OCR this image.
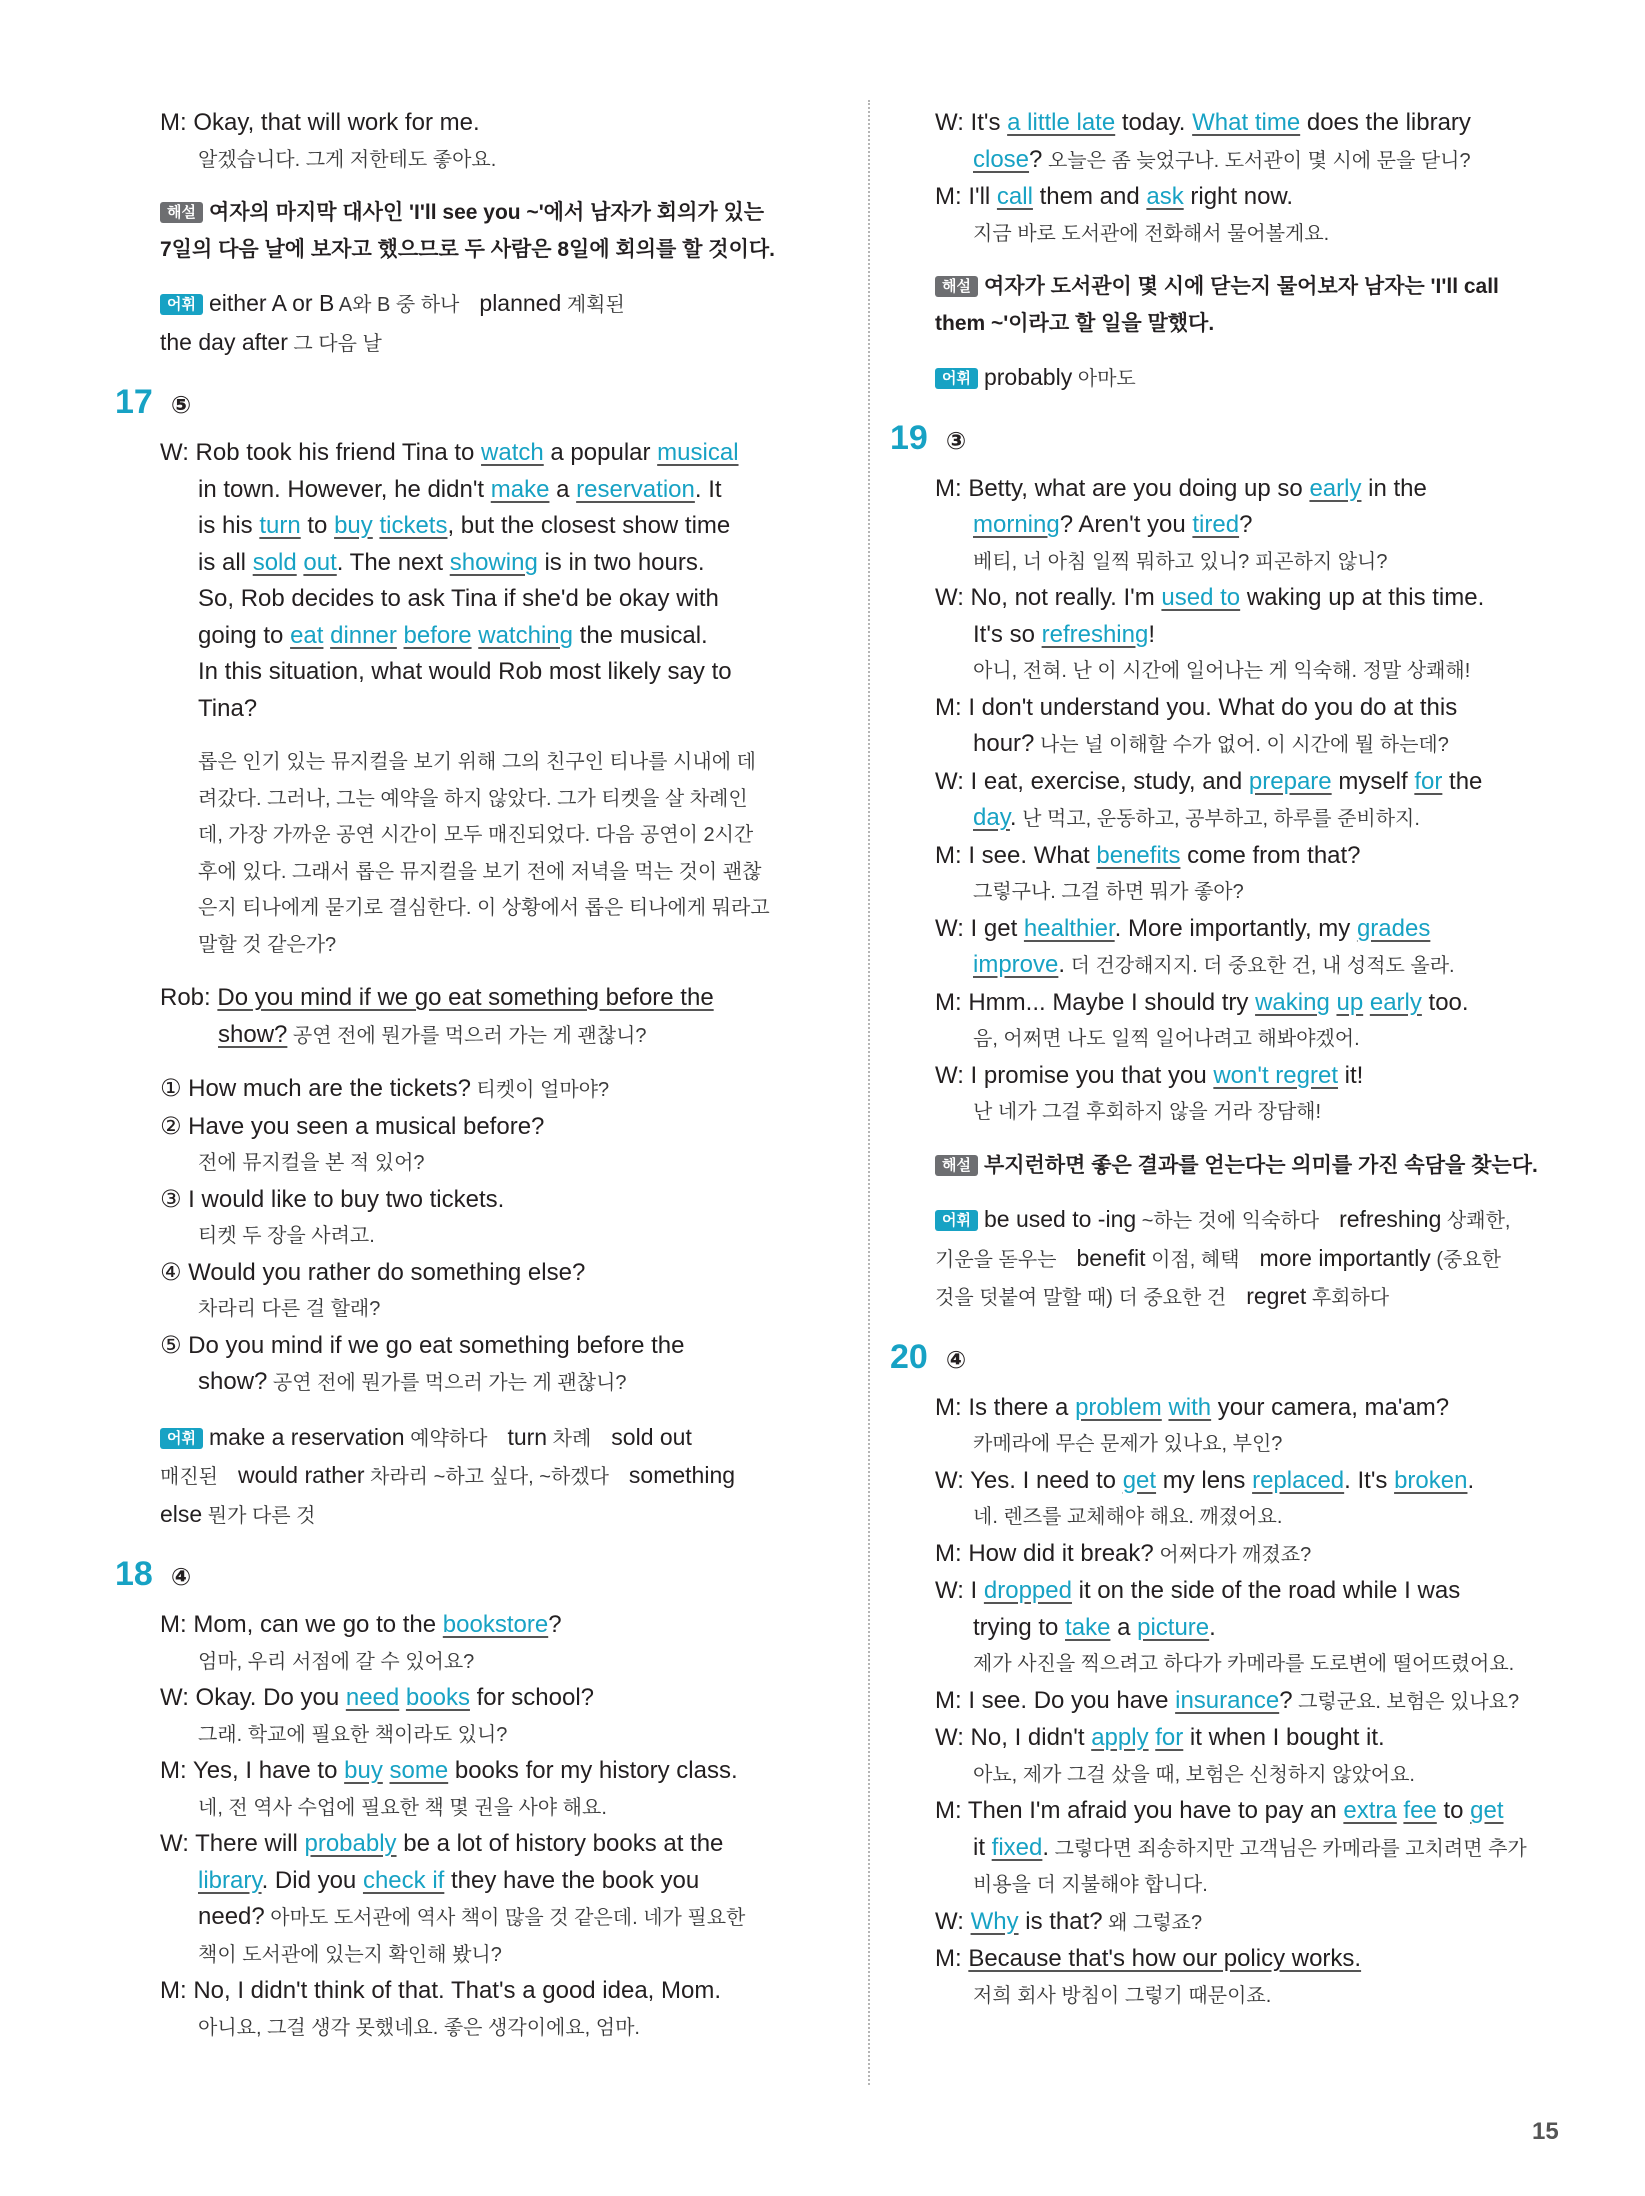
M: Okay, that will work for me.
알겠습니다. 그게 저한테도 좋아요.
해설 여자의 마지막 대사인 'I'll see you ~'에서 남자가 회의가 있는
7일의 다음 날에 보자고 했으므로 두 사람은 8일에 회의를 할 것이다.
어휘 either A or B A와 B 중 하나 planned 계획된
the day after 그 다음 날
17 ⑤
W: Rob took his friend Tina to watch a popular musical
in town. However, he didn't make a reservation. It
is his turn to buy tickets, but the closest show time
is all sold out. The next showing is in two hours.
So, Rob decides to ask Tina if she'd be okay with
going to eat dinner before watching the musical.
In this situation, what would Rob most likely say to
Tina?
롭은 인기 있는 뮤지컬을 보기 위해 그의 친구인 티나를 시내에 데
려갔다. 그러나, 그는 예약을 하지 않았다. 그가 티켓을 살 차례인
데, 가장 가까운 공연 시간이 모두 매진되었다. 다음 공연이 2시간
후에 있다. 그래서 롭은 뮤지컬을 보기 전에 저녁을 먹는 것이 괜찮
은지 티나에게 묻기로 결심한다. 이 상황에서 롭은 티나에게 뭐라고
말할 것 같은가?
Rob: Do you mind if we go eat something before the
show? 공연 전에 뭔가를 먹으러 가는 게 괜찮니?
① How much are the tickets? 티켓이 얼마야?
② Have you seen a musical before?
전에 뮤지컬을 본 적 있어?
③ I would like to buy two tickets.
티켓 두 장을 사려고.
④ Would you rather do something else?
차라리 다른 걸 할래?
⑤ Do you mind if we go eat something before the
show? 공연 전에 뭔가를 먹으러 가는 게 괜찮니?
어휘 make a reservation 예약하다 turn 차례 sold out
매진된 would rather 차라리 ~하고 싶다, ~하겠다 something
else 뭔가 다른 것
18 ④
M: Mom, can we go to the bookstore?
엄마, 우리 서점에 갈 수 있어요?
W: Okay. Do you need books for school?
그래. 학교에 필요한 책이라도 있니?
M: Yes, I have to buy some books for my history class.
네, 전 역사 수업에 필요한 책 몇 권을 사야 해요.
W: There will probably be a lot of history books at the
library. Did you check if they have the book you
need? 아마도 도서관에 역사 책이 많을 것 같은데. 네가 필요한
책이 도서관에 있는지 확인해 봤니?
M: No, I didn't think of that. That's a good idea, Mom.
아니요, 그걸 생각 못했네요. 좋은 생각이에요, 엄마.
W: It's a little late today. What time does the library
close? 오늘은 좀 늦었구나. 도서관이 몇 시에 문을 닫니?
M: I'll call them and ask right now.
지금 바로 도서관에 전화해서 물어볼게요.
해설 여자가 도서관이 몇 시에 닫는지 물어보자 남자는 'I'll call
them ~'이라고 할 일을 말했다.
어휘 probably 아마도
19 ③
M: Betty, what are you doing up so early in the
morning? Aren't you tired?
베티, 너 아침 일찍 뭐하고 있니? 피곤하지 않니?
W: No, not really. I'm used to waking up at this time.
It's so refreshing!
아니, 전혀. 난 이 시간에 일어나는 게 익숙해. 정말 상쾌해!
M: I don't understand you. What do you do at this
hour? 나는 널 이해할 수가 없어. 이 시간에 뭘 하는데?
W: I eat, exercise, study, and prepare myself for the
day. 난 먹고, 운동하고, 공부하고, 하루를 준비하지.
M: I see. What benefits come from that?
그렇구나. 그걸 하면 뭐가 좋아?
W: I get healthier. More importantly, my grades
improve. 더 건강해지지. 더 중요한 건, 내 성적도 올라.
M: Hmm... Maybe I should try waking up early too.
음, 어쩌면 나도 일찍 일어나려고 해봐야겠어.
W: I promise you that you won't regret it!
난 네가 그걸 후회하지 않을 거라 장담해!
해설 부지런하면 좋은 결과를 얻는다는 의미를 가진 속담을 찾는다.
어휘 be used to -ing ~하는 것에 익숙하다 refreshing 상쾌한,
기운을 돋우는 benefit 이점, 혜택 more importantly (중요한
것을 덧붙여 말할 때) 더 중요한 건 regret 후회하다
20 ④
M: Is there a problem with your camera, ma'am?
카메라에 무슨 문제가 있나요, 부인?
W: Yes. I need to get my lens replaced. It's broken.
네. 렌즈를 교체해야 해요. 깨졌어요.
M: How did it break? 어쩌다가 깨졌죠?
W: I dropped it on the side of the road while I was
trying to take a picture.
제가 사진을 찍으려고 하다가 카메라를 도로변에 떨어뜨렸어요.
M: I see. Do you have insurance? 그렇군요. 보험은 있나요?
W: No, I didn't apply for it when I bought it.
아뇨, 제가 그걸 샀을 때, 보험은 신청하지 않았어요.
M: Then I'm afraid you have to pay an extra fee to get
it fixed. 그렇다면 죄송하지만 고객님은 카메라를 고치려면 추가
비용을 더 지불해야 합니다.
W: Why is that? 왜 그렇죠?
M: Because that's how our policy works.
저희 회사 방침이 그렇기 때문이죠.
15
